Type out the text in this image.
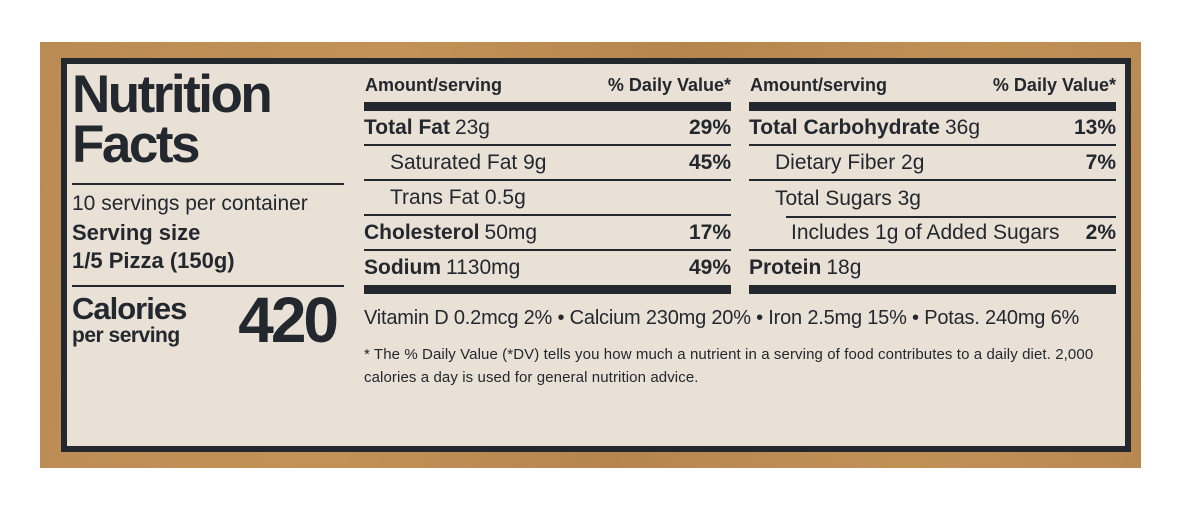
Nutrition
Facts
10 servings per container
Serving size
1/5 Pizza (150g)
Calories
per serving 420
Amount/serving	% Daily Value*
Total Fat 23g	29%
Saturated Fat 9g	45%
Trans Fat 0.5g
Cholesterol 50mg	17%
Sodium 1130mg	49%
Amount/serving	% Daily Value*
Total Carbohydrate 36g	13%
Dietary Fiber 2g	7%
Total Sugars 3g
Includes 1g of Added Sugars 2%
Protein 18g
Vitamin D 0.2mcg 2% • Calcium 230mg 20% • Iron 2.5mg 15% • Potas. 240mg 6%
* The % Daily Value (*DV) tells you how much a nutrient in a serving of food contributes to a daily diet. 2,000 calories a day is used for general nutrition advice.
